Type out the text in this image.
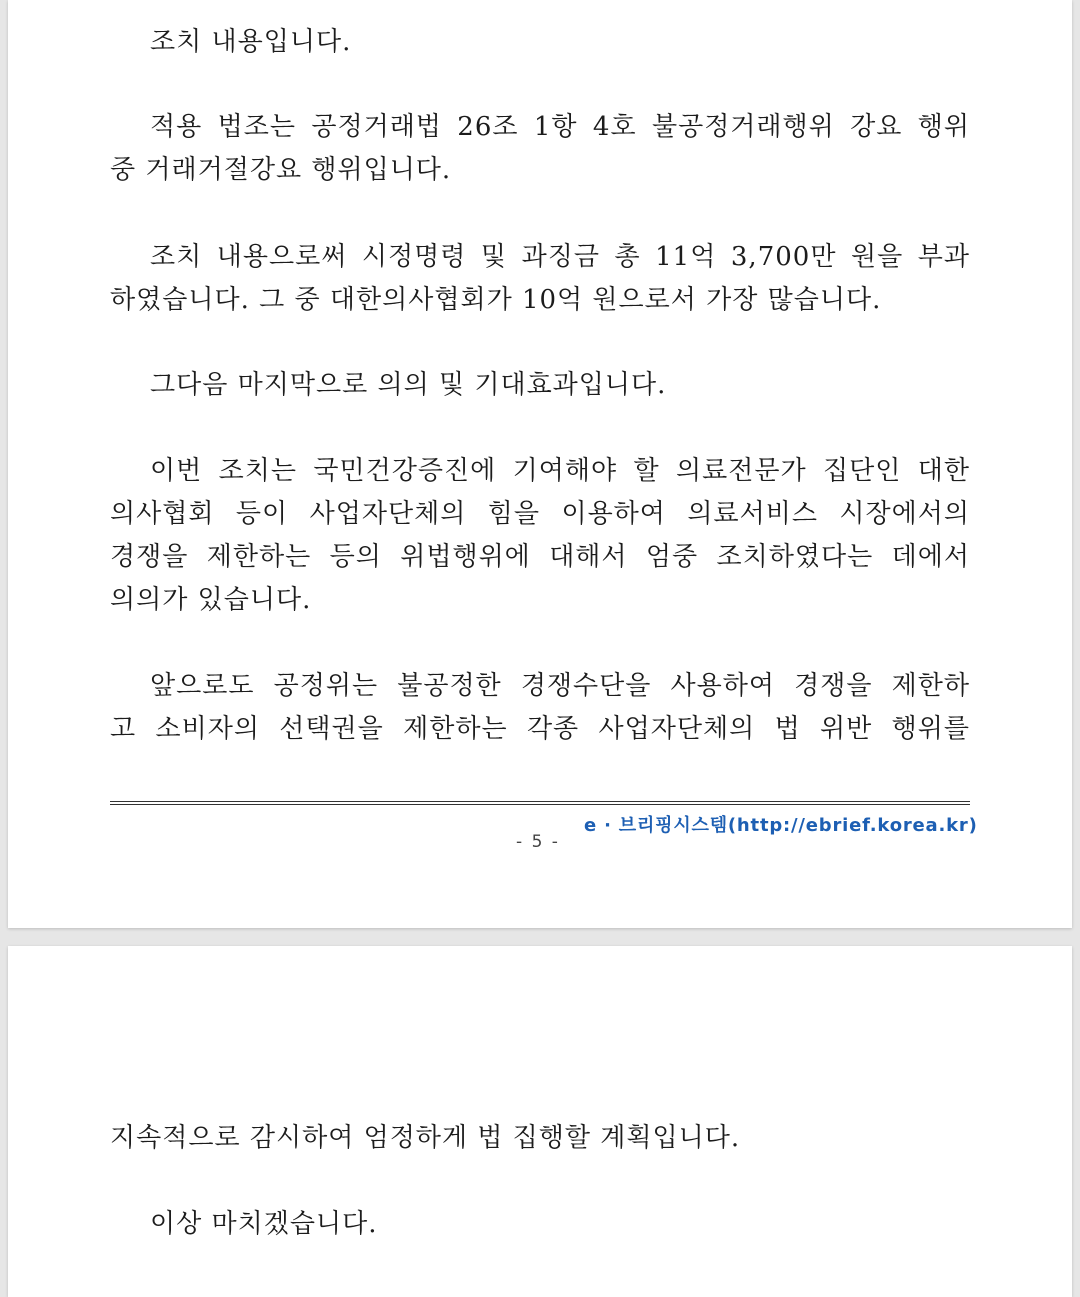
조치 내용입니다.
적용 법조는 공정거래법 26조 1항 4호 불공정거래행위 강요 행위
중 거래거절강요 행위입니다.
조치 내용으로써 시정명령 및 과징금 총 11억 3,700만 원을 부과
하였습니다. 그 중 대한의사협회가 10억 원으로서 가장 많습니다.
그다음 마지막으로 의의 및 기대효과입니다.
이번 조치는 국민건강증진에 기여해야 할 의료전문가 집단인 대한
의사협회 등이 사업자단체의 힘을 이용하여 의료서비스 시장에서의
경쟁을 제한하는 등의 위법행위에 대해서 엄중 조치하였다는 데에서
의의가 있습니다.
앞으로도 공정위는 불공정한 경쟁수단을 사용하여 경쟁을 제한하
고 소비자의 선택권을 제한하는 각종 사업자단체의 법 위반 행위를
e · 브리핑시스템(http://ebrief.korea.kr)
- 5 -
지속적으로 감시하여 엄정하게 법 집행할 계획입니다.
이상 마치겠습니다.
